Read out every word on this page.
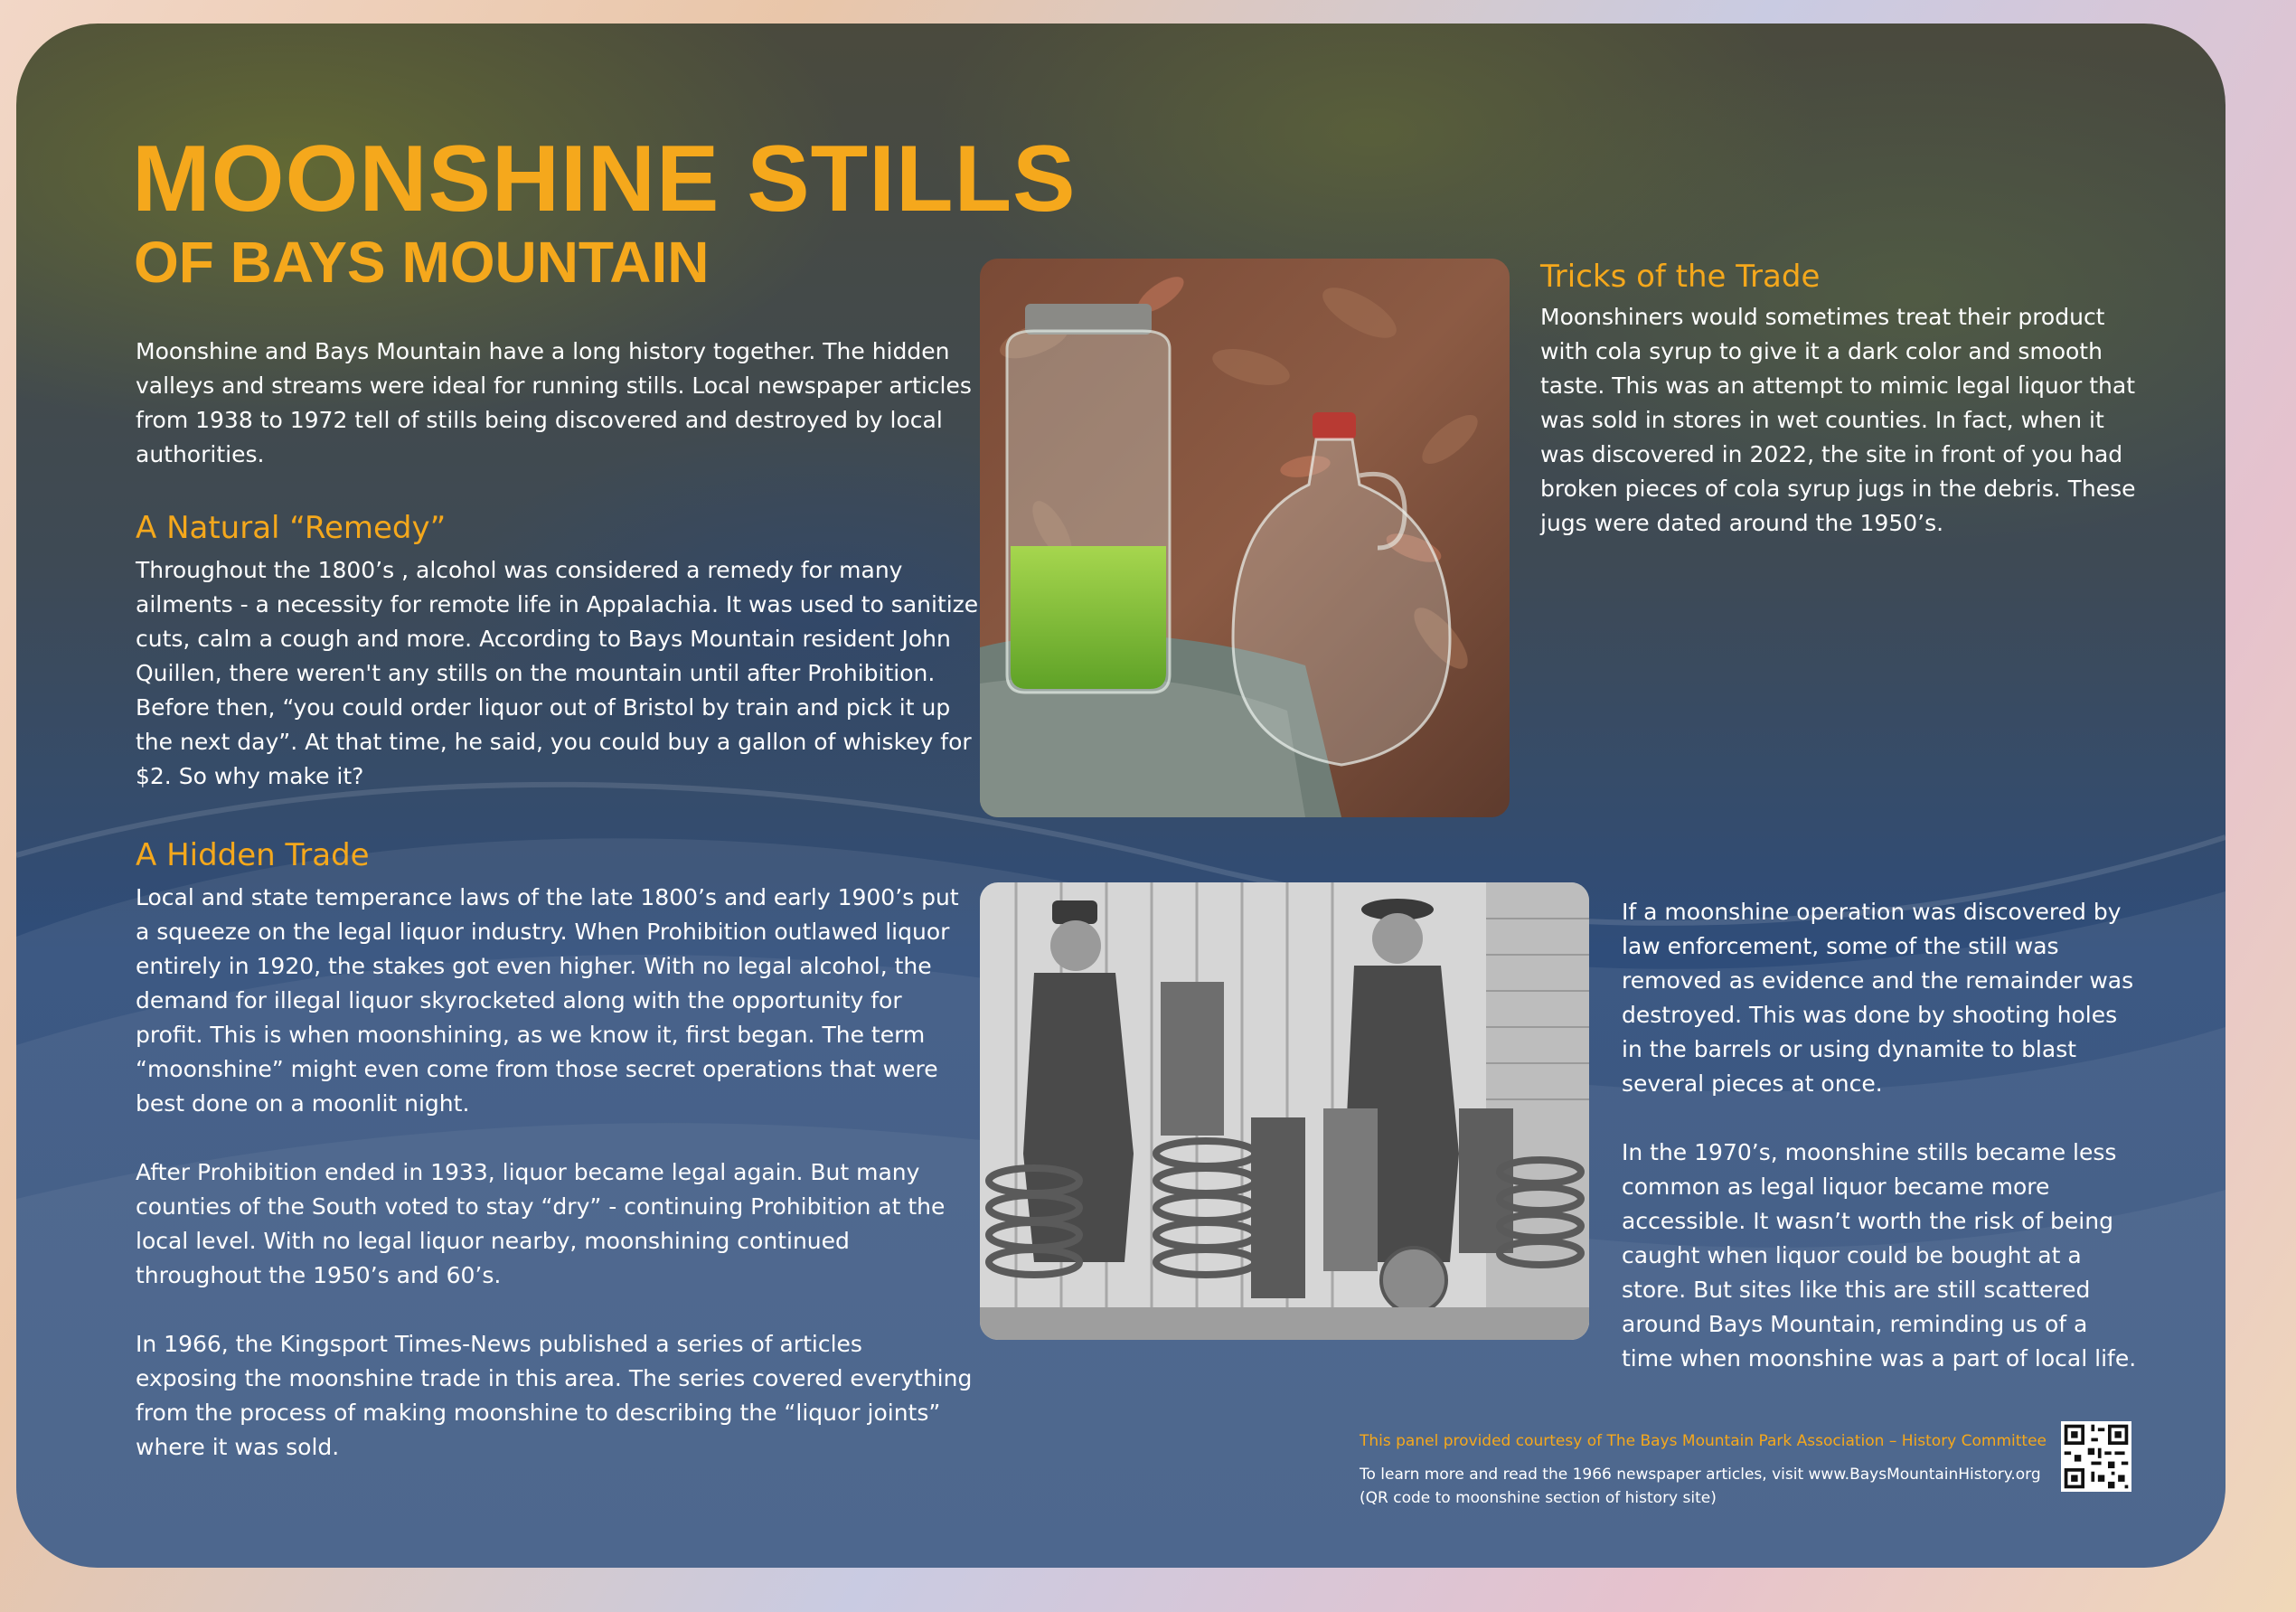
MOONSHINE STILLS
OF BAYS MOUNTAIN

Moonshine and Bays Mountain have a long history together. The hidden
valleys and streams were ideal for running stills. Local newspaper articles
from 1938 to 1972 tell of stills being discovered and destroyed by local
authorities.

A Natural “Remedy”

Throughout the 1800’s , alcohol was considered a remedy for many
ailments - a necessity for remote life in Appalachia. It was used to sanitize
cuts, calm a cough and more. According to Bays Mountain resident John
Quillen, there weren't any stills on the mountain until after Prohibition.
Before then, “you could order liquor out of Bristol by train and pick it up
the next day”. At that time, he said, you could buy a gallon of whiskey for
$2. So why make it?

A Hidden Trade

Local and state temperance laws of the late 1800’s and early 1900’s put
a squeeze on the legal liquor industry. When Prohibition outlawed liquor
entirely in 1920, the stakes got even higher. With no legal alcohol, the
demand for illegal liquor skyrocketed along with the opportunity for
profit. This is when moonshining, as we know it, first began. The term
“moonshine” might even come from those secret operations that were
best done on a moonlit night.

After Prohibition ended in 1933, liquor became legal again. But many
counties of the South voted to stay “dry” - continuing Prohibition at the
local level. With no legal liquor nearby, moonshining continued
throughout the 1950’s and 60’s.

In 1966, the Kingsport Times-News published a series of articles
exposing the moonshine trade in this area. The series covered everything
from the process of making moonshine to describing the “liquor joints”
where it was sold.

Tricks of the Trade

Moonshiners would sometimes treat their product
with cola syrup to give it a dark color and smooth
taste. This was an attempt to mimic legal liquor that
was sold in stores in wet counties. In fact, when it
was discovered in 2022, the site in front of you had
broken pieces of cola syrup jugs in the debris. These
jugs were dated around the 1950’s.

If a moonshine operation was discovered by
law enforcement, some of the still was
removed as evidence and the remainder was
destroyed. This was done by shooting holes
in the barrels or using dynamite to blast
several pieces at once.

In the 1970’s, moonshine stills became less
common as legal liquor became more
accessible. It wasn’t worth the risk of being
caught when liquor could be bought at a
store. But sites like this are still scattered
around Bays Mountain, reminding us of a
time when moonshine was a part of local life.

This panel provided courtesy of The Bays Mountain Park Association – History Committee

To learn more and read the 1966 newspaper articles, visit www.BaysMountainHistory.org
(QR code to moonshine section of history site)
